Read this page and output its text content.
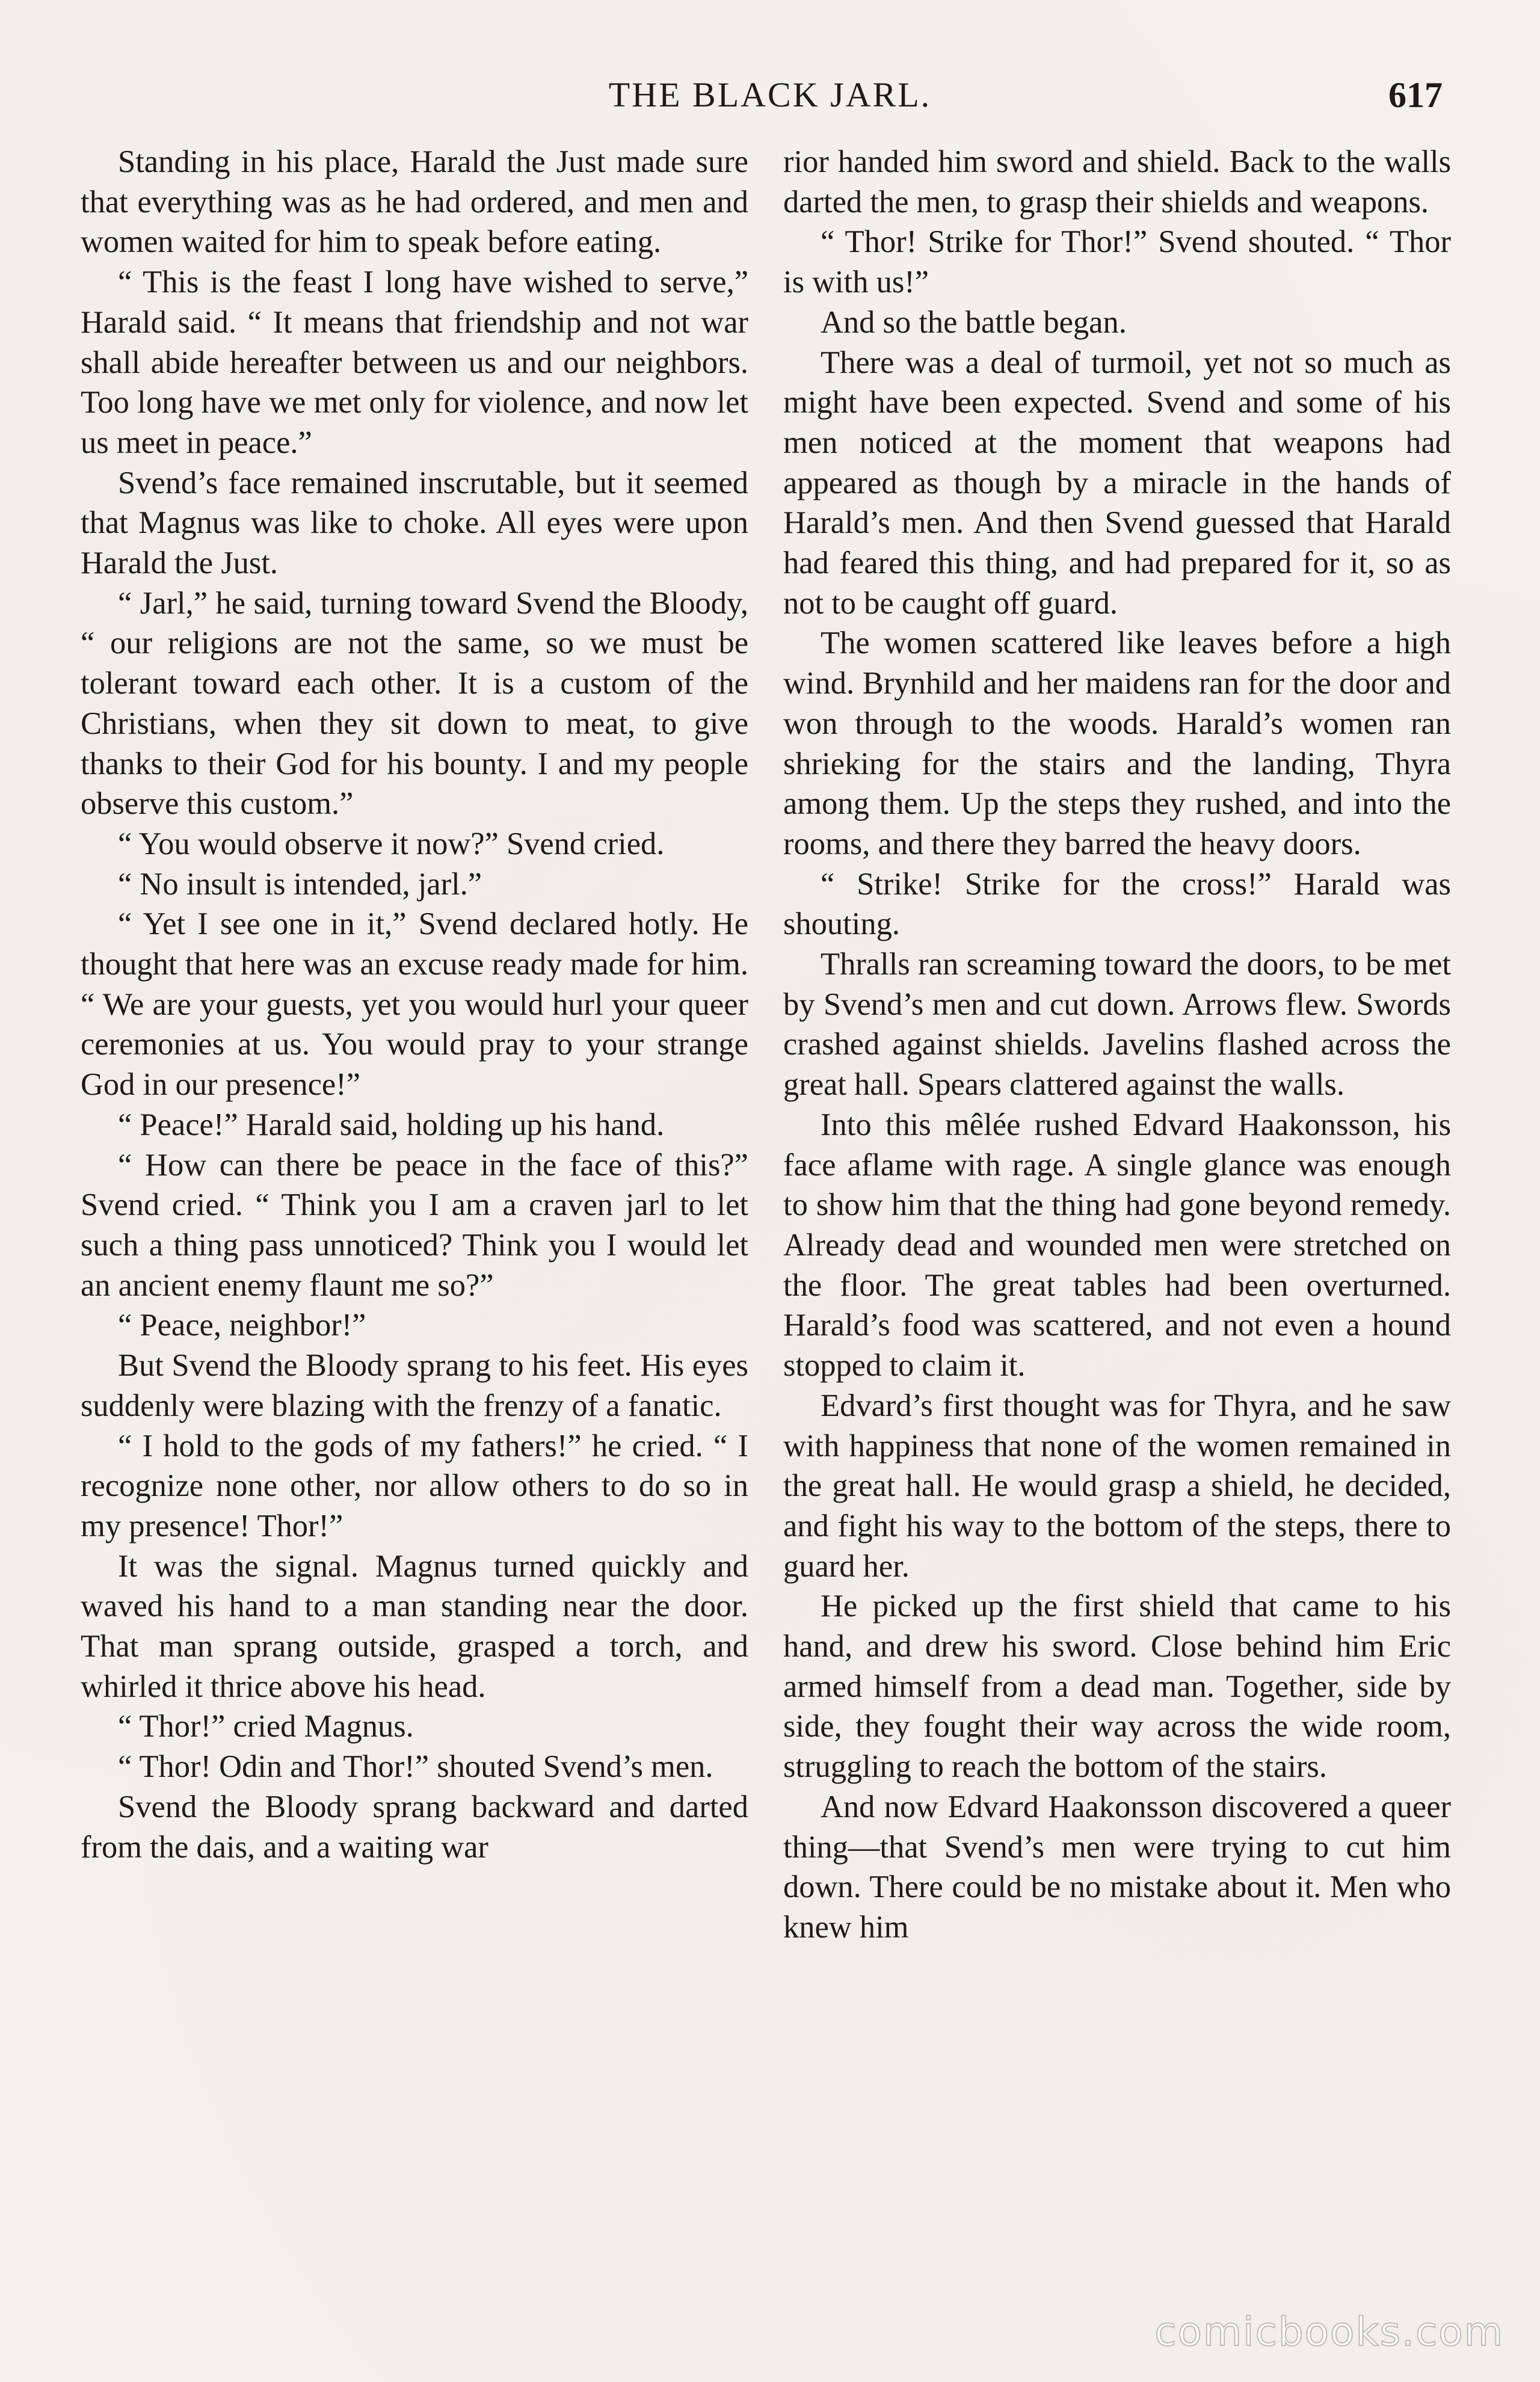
THE BLACK JARL.	617

Standing in his place, Harald the Just made sure that everything was as he had ordered, and men and women waited for him to speak before eating.

“ This is the feast I long have wished to serve,” Harald said. “ It means that friendship and not war shall abide hereafter between us and our neighbors. Too long have we met only for violence, and now let us meet in peace.”

Svend’s face remained inscrutable, but it seemed that Magnus was like to choke. All eyes were upon Harald the Just.

“ Jarl,” he said, turning toward Svend the Bloody, “ our religions are not the same, so we must be tolerant toward each other. It is a custom of the Christians, when they sit down to meat, to give thanks to their God for his bounty. I and my people observe this custom.”

“ You would observe it now?” Svend cried.

“ No insult is intended, jarl.”

“ Yet I see one in it,” Svend declared hotly. He thought that here was an excuse ready made for him. “ We are your guests, yet you would hurl your queer ceremonies at us. You would pray to your strange God in our presence!”

“ Peace!” Harald said, holding up his hand.

“ How can there be peace in the face of this?” Svend cried. “ Think you I am a craven jarl to let such a thing pass unnoticed? Think you I would let an ancient enemy flaunt me so?”

“ Peace, neighbor!”

But Svend the Bloody sprang to his feet. His eyes suddenly were blazing with the frenzy of a fanatic.

“ I hold to the gods of my fathers!” he cried. “ I recognize none other, nor allow others to do so in my presence! Thor!”

It was the signal. Magnus turned quickly and waved his hand to a man standing near the door. That man sprang outside, grasped a torch, and whirled it thrice above his head.

“ Thor!” cried Magnus.

“ Thor! Odin and Thor!” shouted Svend’s men.

Svend the Bloody sprang backward and darted from the dais, and a waiting war

rior handed him sword and shield. Back to the walls darted the men, to grasp their shields and weapons.

“ Thor! Strike for Thor!” Svend shouted. “ Thor is with us!”

And so the battle began.

There was a deal of turmoil, yet not so much as might have been expected. Svend and some of his men noticed at the moment that weapons had appeared as though by a miracle in the hands of Harald’s men. And then Svend guessed that Harald had feared this thing, and had prepared for it, so as not to be caught off guard.

The women scattered like leaves before a high wind. Brynhild and her maidens ran for the door and won through to the woods. Harald’s women ran shrieking for the stairs and the landing, Thyra among them. Up the steps they rushed, and into the rooms, and there they barred the heavy doors.

“ Strike! Strike for the cross!” Harald was shouting.

Thralls ran screaming toward the doors, to be met by Svend’s men and cut down. Arrows flew. Swords crashed against shields. Javelins flashed across the great hall. Spears clattered against the walls.

Into this mêlée rushed Edvard Haakonsson, his face aflame with rage. A single glance was enough to show him that the thing had gone beyond remedy. Already dead and wounded men were stretched on the floor. The great tables had been overturned. Harald’s food was scattered, and not even a hound stopped to claim it.

Edvard’s first thought was for Thyra, and he saw with happiness that none of the women remained in the great hall. He would grasp a shield, he decided, and fight his way to the bottom of the steps, there to guard her.

He picked up the first shield that came to his hand, and drew his sword. Close behind him Eric armed himself from a dead man. Together, side by side, they fought their way across the wide room, struggling to reach the bottom of the stairs.

And now Edvard Haakonsson discovered a queer thing—that Svend’s men were trying to cut him down. There could be no mistake about it. Men who knew him

comicbooks.com
